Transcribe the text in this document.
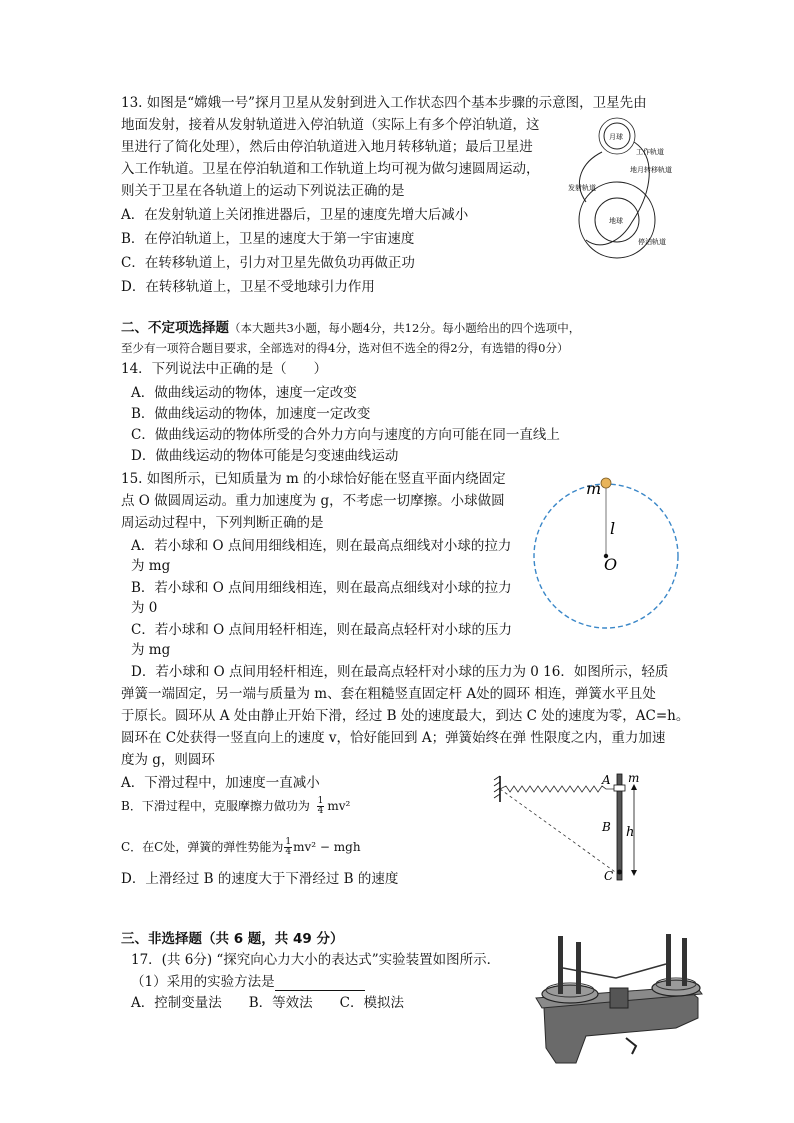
13. 如图是“嫦娥一号”探月卫星从发射到进入工作状态四个基本步骤的示意图，卫星先由
地面发射，接着从发射轨道进入停泊轨道（实际上有多个停泊轨道，这
里进行了简化处理），然后由停泊轨道进入地月转移轨道；最后卫星进
入工作轨道。卫星在停泊轨道和工作轨道上均可视为做匀速圆周运动，
则关于卫星在各轨道上的运动下列说法正确的是
A．在发射轨道上关闭推进器后，卫星的速度先增大后减小
B．在停泊轨道上，卫星的速度大于第一宇宙速度
C．在转移轨道上，引力对卫星先做负功再做正功
D．在转移轨道上，卫星不受地球引力作用
月球
工作轨道
地月转移轨道
发射轨道
地球
停泊轨道
二、不定项选择题（本大题共3小题，每小题4分，共12分。每小题给出的四个选项中，
至少有一项符合题目要求，全部选对的得4分，选对但不选全的得2分，有选错的得0分）
14．下列说法中正确的是（　　）
A．做曲线运动的物体，速度一定改变
B．做曲线运动的物体，加速度一定改变
C．做曲线运动的物体所受的合外力方向与速度的方向可能在同一直线上
D．做曲线运动的物体可能是匀变速曲线运动
15. 如图所示，已知质量为 m 的小球恰好能在竖直平面内绕固定
点 O 做圆周运动。重力加速度为 g，不考虑一切摩擦。小球做圆
周运动过程中，下列判断正确的是
A．若小球和 O 点间用细线相连，则在最高点细线对小球的拉力
为 mg
B．若小球和 O 点间用细线相连，则在最高点细线对小球的拉力
为 0
C．若小球和 O 点间用轻杆相连，则在最高点轻杆对小球的压力
为 mg
m
l
O
D．若小球和 O 点间用轻杆相连，则在最高点轻杆对小球的压力为 0 16．如图所示，轻质
弹簧一端固定，另一端与质量为 m、套在粗糙竖直固定杆 A处的圆环 相连，弹簧水平且处
于原长。圆环从 A 处由静止开始下滑，经过 B 处的速度最大，到达 C 处的速度为零，AC=h。
圆环在 C处获得一竖直向上的速度 v，恰好能回到 A；弹簧始终在弹 性限度之内，重力加速
度为 g，则圆环
A．下滑过程中，加速度一直减小
B．下滑过程中，克服摩擦力做功为 $\frac{1}{4} mv^2$
C．在C处，弹簧的弹性势能为 $\frac{1}{4} mv^2$ − mgh
D．上滑经过 B 的速度大于下滑经过 B 的速度
A m
B h
C
三、非选择题（共 6 题，共 49 分）
17．(共 6分) “探究向心力大小的表达式”实验装置如图所示．
（1）采用的实验方法是
A．控制变量法　　B．等效法　　C．模拟法
